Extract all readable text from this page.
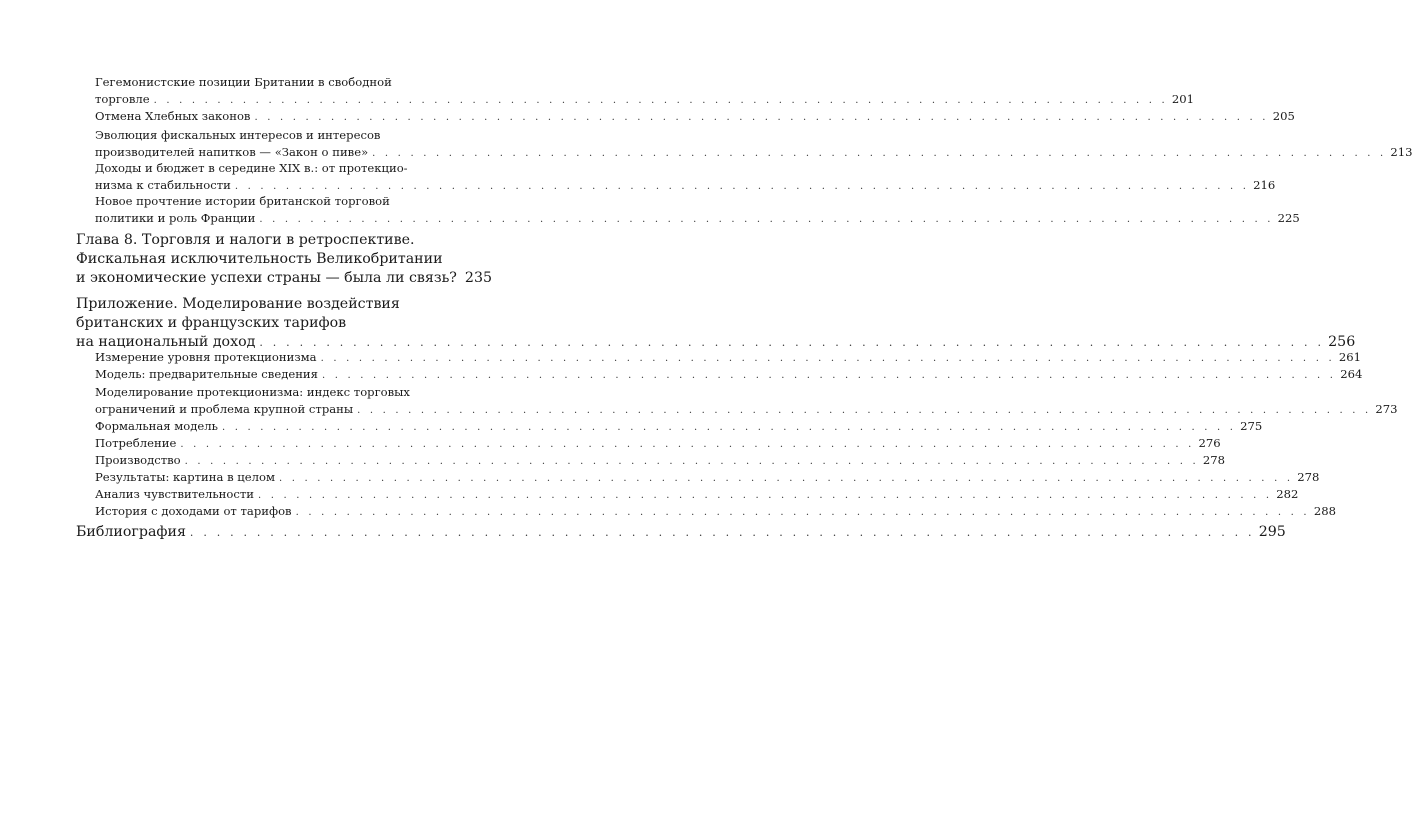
Гегемонистские позиции Британии в свободной
торговле . . . . . . . . . . . . . . . . . . . . . . . . . . . . . . . . . . . . . . . . . . . . . . . . . . . . . . . . . . . . . . . . . . . . . . . . . . . . . . . . 201
Отмена Хлебных законов . . . . . . . . . . . . . . . . . . . . . . . . . . . . . . . . . . . . . . . . . . . . . . . . . . . . . . . . . . . . . . . . . . . . . . . . . . . . . . . . 205
Эволюция фискальных интересов и интересов
производителей напитков — «Закон о пиве» . . . . . . . . . . . . . . . . . . . . . . . . . . . . . . . . . . . . . . . . . . . . . . . . . . . . . . . . . . . . . . . . . . . . . . . . . . . . . . . . 213
Доходы и бюджет в середине XIX в.: от протекцио-
низма к стабильности . . . . . . . . . . . . . . . . . . . . . . . . . . . . . . . . . . . . . . . . . . . . . . . . . . . . . . . . . . . . . . . . . . . . . . . . . . . . . . . . 216
Новое прочтение истории британской торговой
политики и роль Франции . . . . . . . . . . . . . . . . . . . . . . . . . . . . . . . . . . . . . . . . . . . . . . . . . . . . . . . . . . . . . . . . . . . . . . . . . . . . . . . . 225
Глава 8. Торговля и налоги в ретроспективе.
Фискальная исключительность Великобритании
и экономические успехи страны — была ли связь? 235
Приложение. Моделирование воздействия
британских и французских тарифов
на национальный доход . . . . . . . . . . . . . . . . . . . . . . . . . . . . . . . . . . . . . . . . . . . . . . . . . . . . . . . . . . . . . . . . . . . . . . . . . . . . . . . . 256
Измерение уровня протекционизма . . . . . . . . . . . . . . . . . . . . . . . . . . . . . . . . . . . . . . . . . . . . . . . . . . . . . . . . . . . . . . . . . . . . . . . . . . . . . . . . 261
Модель: предварительные сведения . . . . . . . . . . . . . . . . . . . . . . . . . . . . . . . . . . . . . . . . . . . . . . . . . . . . . . . . . . . . . . . . . . . . . . . . . . . . . . . . 264
Моделирование протекционизма: индекс торговых
ограничений и проблема крупной страны . . . . . . . . . . . . . . . . . . . . . . . . . . . . . . . . . . . . . . . . . . . . . . . . . . . . . . . . . . . . . . . . . . . . . . . . . . . . . . . . 273
Формальная модель . . . . . . . . . . . . . . . . . . . . . . . . . . . . . . . . . . . . . . . . . . . . . . . . . . . . . . . . . . . . . . . . . . . . . . . . . . . . . . . . 275
Потребление . . . . . . . . . . . . . . . . . . . . . . . . . . . . . . . . . . . . . . . . . . . . . . . . . . . . . . . . . . . . . . . . . . . . . . . . . . . . . . . . 276
Производство . . . . . . . . . . . . . . . . . . . . . . . . . . . . . . . . . . . . . . . . . . . . . . . . . . . . . . . . . . . . . . . . . . . . . . . . . . . . . . . . 278
Результаты: картина в целом . . . . . . . . . . . . . . . . . . . . . . . . . . . . . . . . . . . . . . . . . . . . . . . . . . . . . . . . . . . . . . . . . . . . . . . . . . . . . . . . 278
Анализ чувствительности . . . . . . . . . . . . . . . . . . . . . . . . . . . . . . . . . . . . . . . . . . . . . . . . . . . . . . . . . . . . . . . . . . . . . . . . . . . . . . . . 282
История с доходами от тарифов . . . . . . . . . . . . . . . . . . . . . . . . . . . . . . . . . . . . . . . . . . . . . . . . . . . . . . . . . . . . . . . . . . . . . . . . . . . . . . . . 288
Библиография . . . . . . . . . . . . . . . . . . . . . . . . . . . . . . . . . . . . . . . . . . . . . . . . . . . . . . . . . . . . . . . . . . . . . . . . . . . . . . . . 295
